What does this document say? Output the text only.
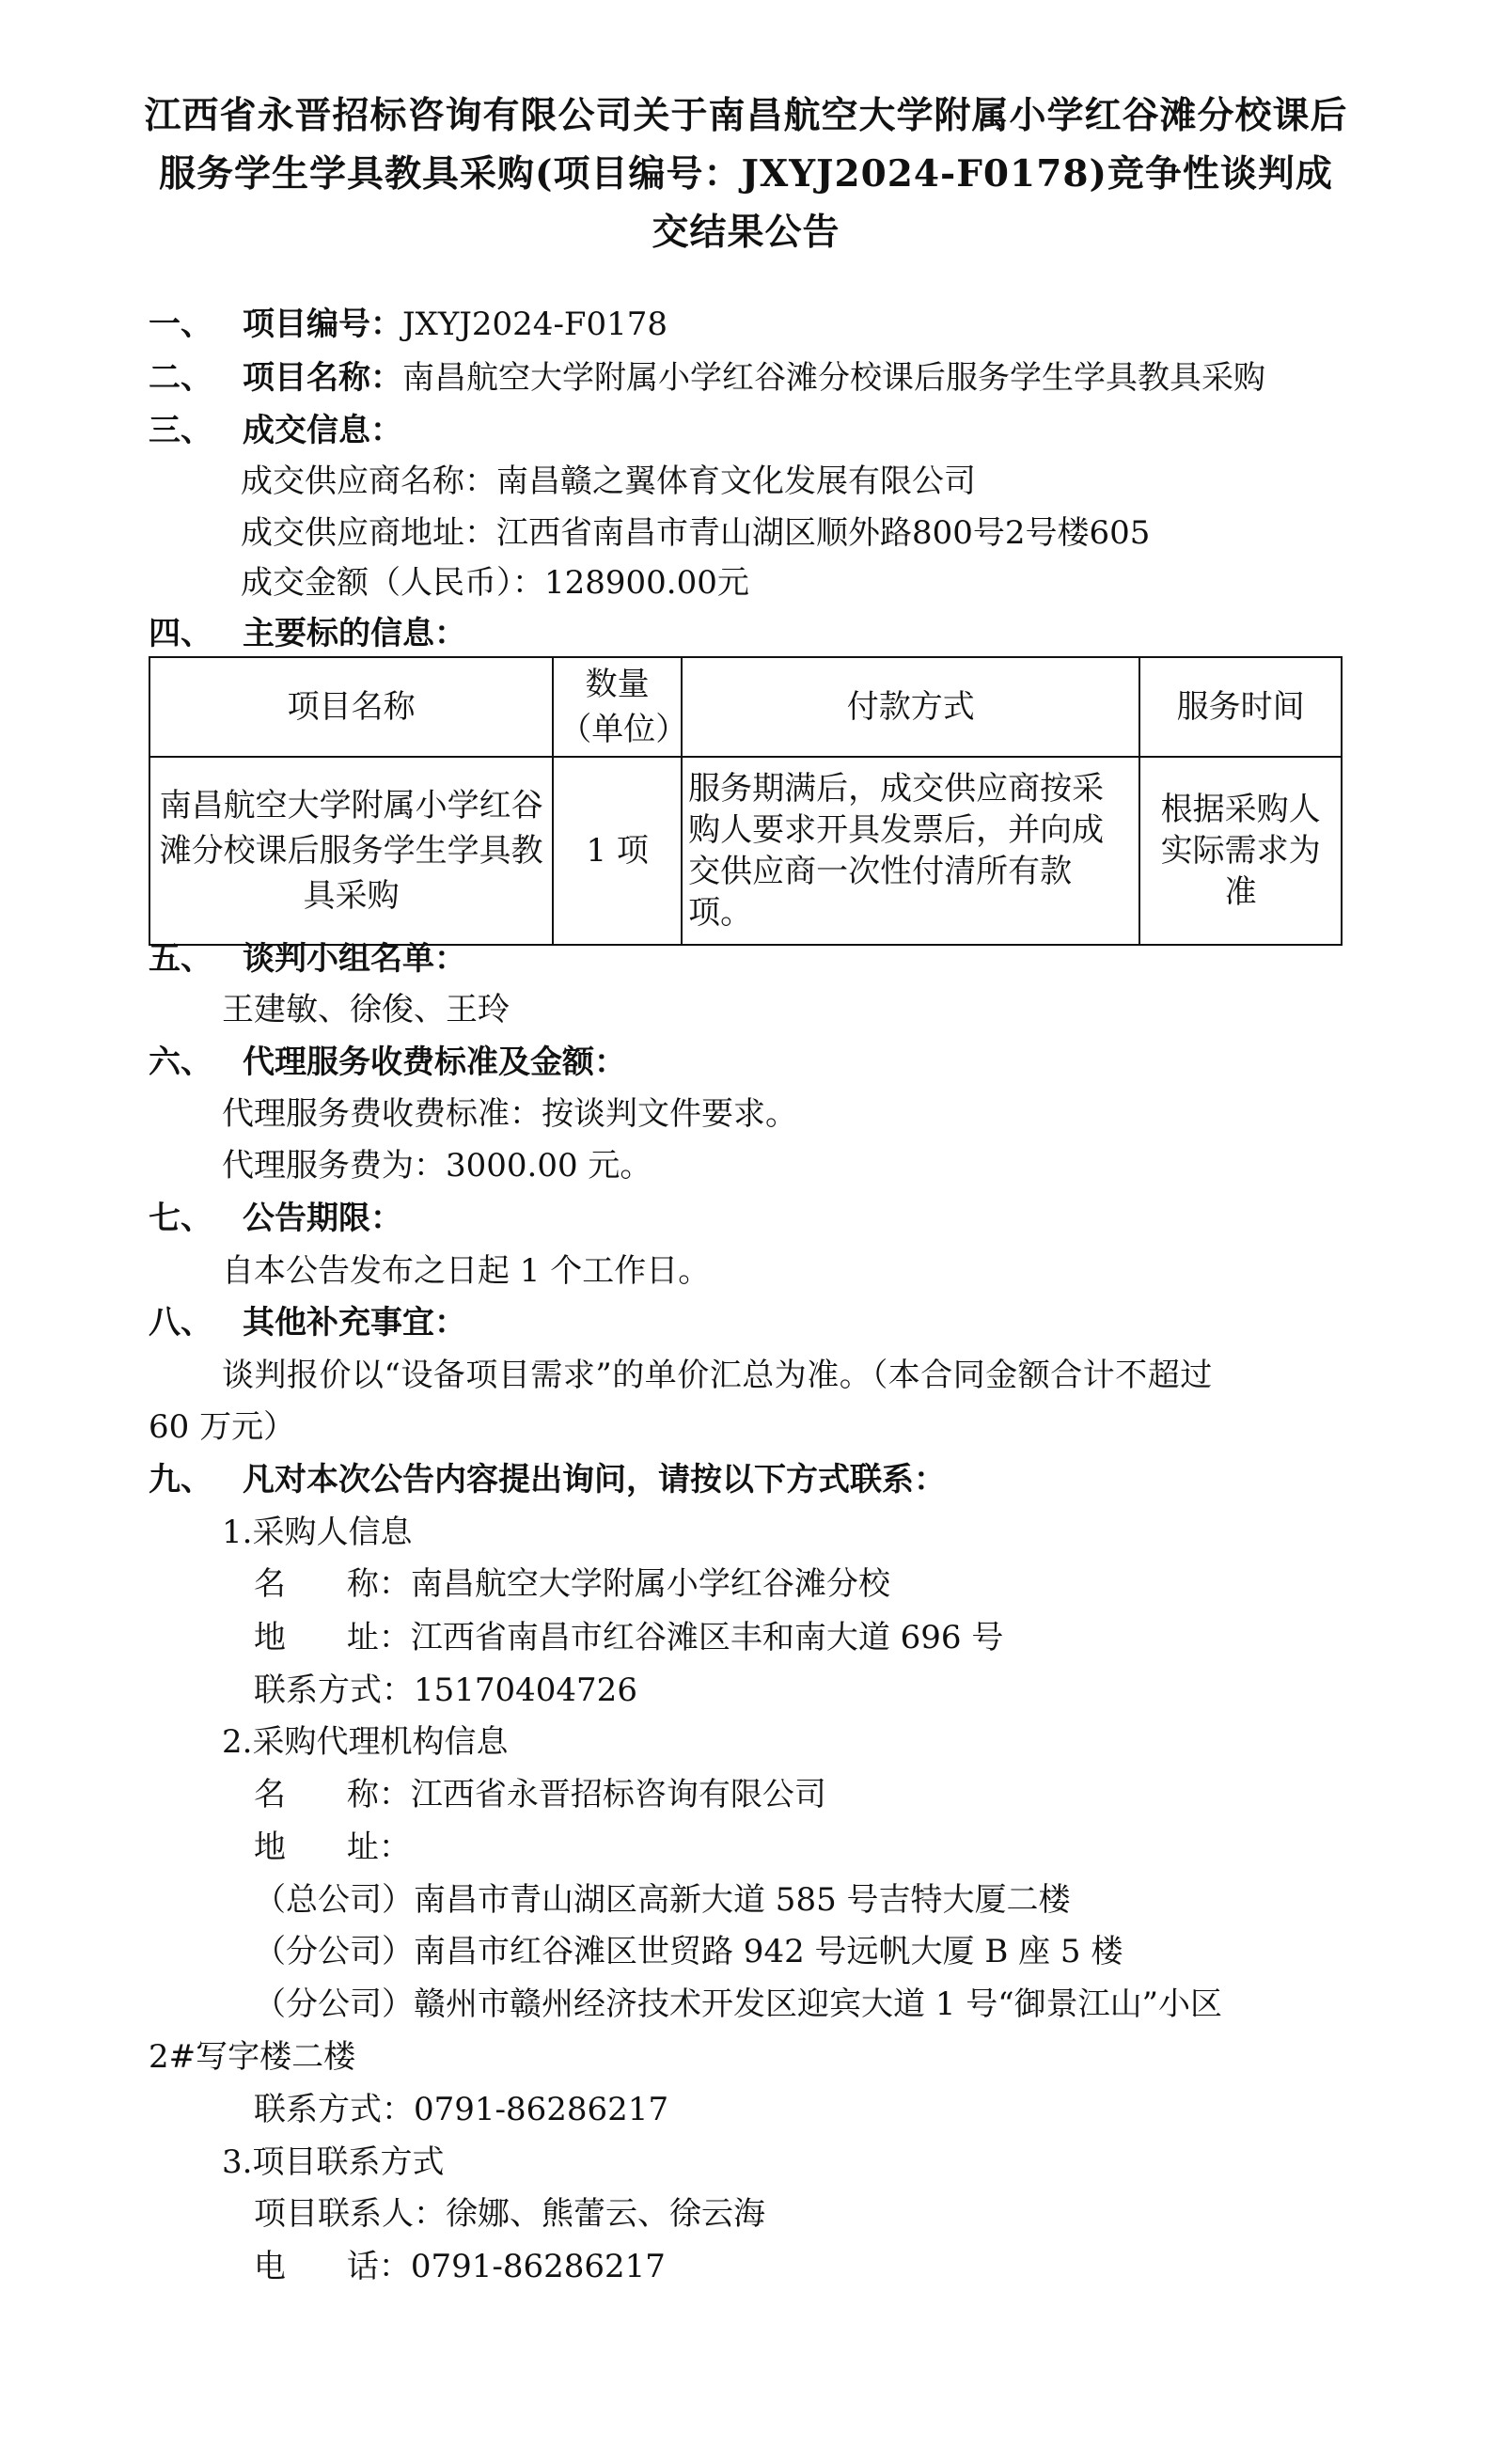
江西省永晋招标咨询有限公司关于南昌航空大学附属小学红谷滩分校课后服务学生学具教具采购(项目编号：JXYJ2024-F0178)竞争性谈判成交结果公告
一、 项目编号：JXYJ2024-F0178
二、 项目名称：南昌航空大学附属小学红谷滩分校课后服务学生学具教具采购
三、 成交信息：
成交供应商名称：南昌赣之翼体育文化发展有限公司
成交供应商地址：江西省南昌市青山湖区顺外路800号2号楼605
成交金额（人民币）：128900.00元
四、 主要标的信息：
项目名称	数量（单位）	付款方式	服务时间
南昌航空大学附属小学红谷滩分校课后服务学生学具教具采购	1 项	服务期满后，成交供应商按采购人要求开具发票后，并向成交供应商一次性付清所有款项。	根据采购人实际需求为准
五、 谈判小组名单：
王建敏、徐俊、王玲
六、 代理服务收费标准及金额：
代理服务费收费标准：按谈判文件要求。
代理服务费为：3000.00 元。
七、 公告期限：
自本公告发布之日起 1 个工作日。
八、 其他补充事宜：
谈判报价以“设备项目需求”的单价汇总为准。（本合同金额合计不超过
60 万元）
九、 凡对本次公告内容提出询问，请按以下方式联系：
1.采购人信息
名      称：南昌航空大学附属小学红谷滩分校
地      址：江西省南昌市红谷滩区丰和南大道 696 号
联系方式：15170404726
2.采购代理机构信息
名      称：江西省永晋招标咨询有限公司
地      址：
（总公司）南昌市青山湖区高新大道 585 号吉特大厦二楼
（分公司）南昌市红谷滩区世贸路 942 号远帆大厦 B 座 5 楼
（分公司）赣州市赣州经济技术开发区迎宾大道 1 号“御景江山”小区
2#写字楼二楼
联系方式：0791-86286217
3.项目联系方式
项目联系人：徐娜、熊蕾云、徐云海
电      话：0791-86286217
